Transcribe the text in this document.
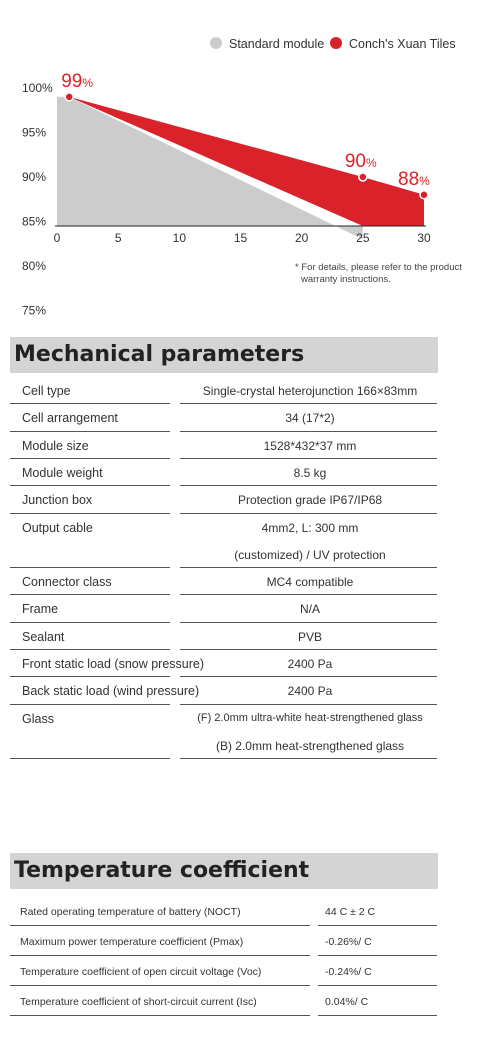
0	5	10	15	20	25	30
100%
95%
90%
85%
80%
75%
99%
90%
88%
Standard module Conch's Xuan Tiles
* For details, please refer to the product
warranty instructions.
Mechanical parameters
Cell type	Single-crystal heterojunction 166×83mm
Cell arrangement	34 (17*2)
Module size	1528*432*37 mm
Module weight	8.5 kg
Junction box	Protection grade IP67/IP68
Output cable	4mm2, L: 300 mm
(customized) / UV protection
Connector class	MC4 compatible
Frame	N/A
Sealant	PVB
Front static load (snow pressure)	2400 Pa
Back static load (wind pressure)	2400 Pa
Glass	(F) 2.0mm ultra-white heat-strengthened glass
(B) 2.0mm heat-strengthened glass
Temperature coefficient
Rated operating temperature of battery (NOCT)	44 C ± 2 C
Maximum power temperature coefficient (Pmax)	-0.26%/ C
Temperature coefficient of open circuit voltage (Voc)	-0.24%/ C
Temperature coefficient of short-circuit current (Isc)	0.04%/ C
